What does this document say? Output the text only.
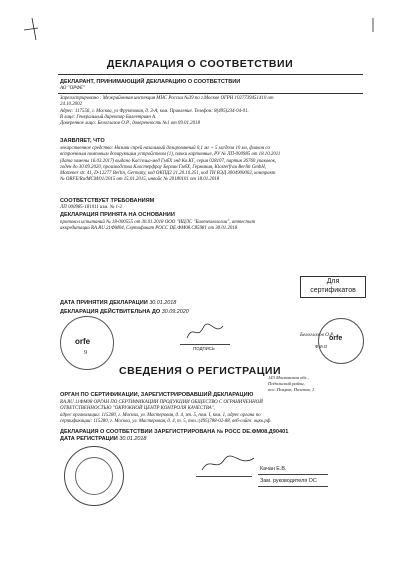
ДЕКЛАРАЦИЯ О СООТВЕТСТВИИ
ДЕКЛАРАНТ, ПРИНИМАЮЩИЙ ДЕКЛАРАЦИЮ О СООТВЕТСТВИИ
АО "ОРФЕ"
Зарегистрировано : Межрайонная инспекция МНС России №39 по г.Москве ОГРН 1027739451410 от
24.10.2002
Адрес: 117556, г. Москва, ул Фруктовая, д. 3-А, ком. Правление. Телефон: 8(495)234-04-01.
В лице: Генеральный директор Балеетриян А.
Доверенное лицо: Белоглазов О.Р., доверенность №1 от 09.01.2018
ЗАЯВЛЯЕТ, ЧТО
лекарственное средство: Називи спрей назальный дозированный 0,1 мг + 5 мг/доза 10 мл, флакон со
встроенным помповым дозирующим устройством (1), пачки картонные, РУ № ЛП-000985 от 18.10.2011
(дата замены 16.03.2017) выдано Кассельа-мед ГмбХ энд Ко.КГ, серия 028107, партия 26760 упаковок,
годен до 30.09.2020, производства Клостерфрау Берлин ГмбХ, Германия, Klosterfrau Berlin GmbH,
Motzener str. 41, D-12277 Berlin, Germany, код ОКПД2 21.20.10.251, код ТН ВЭД 3004900002, контракт
№ ORFE/Ru/MCM/01/2015 от 15.01.2015, инвойс № 20180101 от 18.01.2018
СООТВЕТСТВУЕТ ТРЕБОВАНИЯМ
ЛП 000985-181011 изм. № 1-2
ДЕКЛАРАЦИЯ ПРИНЯТА НА ОСНОВАНИИ
протокол испытаний № 18-000555 от 30.01.2018 ООО "ИЦЛС "Биотехнологии", аттестат
аккредитации RA.RU.21ФМ04, Сертификат РОСС DE.ФМ08.С85981 от 30.01.2018
Для
сертификатов
ДАТА ПРИНЯТИЯ ДЕКЛАРАЦИИ 30.01.2018
ДЕКЛАРАЦИЯ ДЕЙСТВИТЕЛЬНА ДО 30.09.2020
orfe
9
ПОДПИСЬ
Белоглазов О.Р.
Ф.И.О
orfe
СВЕДЕНИЯ О РЕГИСТРАЦИИ
143 Московская обл.,
Подольский район,
пос. Покров, Полевая, 1
ОРГАН ПО СЕРТИФИКАЦИИ, ЗАРЕГИСТРИРОВАВШИЙ ДЕКЛАРАЦИЮ
RA.RU.11ФМ08 ОРГАН ПО СЕРТИФИКАЦИИ ПРОДУКЦИИ ОБЩЕСТВО С ОГРАНИЧЕННОЙ
ОТВЕТСТВЕННОСТЬЮ "ОКРУЖНОЙ ЦЕНТР КОНТРОЛЯ КАЧЕСТВА",
адрес организации: 115280, г. Москва, ул. Мастеровая, д. 4, эт. 5, пом. I, ком. 1, адрес органа по
сертификации: 115280, г. Москва, ул. Мастеровая, д. 4, т. 5, тел.:(495)788-02-88, веб-сайт: оцкк.рф.
ДЕКЛАРАЦИЯ О СООТВЕТСТВИИ ЗАРЕГИСТРИРОВАНА № РОСС DE.ФМ08.Д90401
ДАТА РЕГИСТРАЦИИ 30.01.2018
Качан Е.В.
Зам. руководителя ОС
